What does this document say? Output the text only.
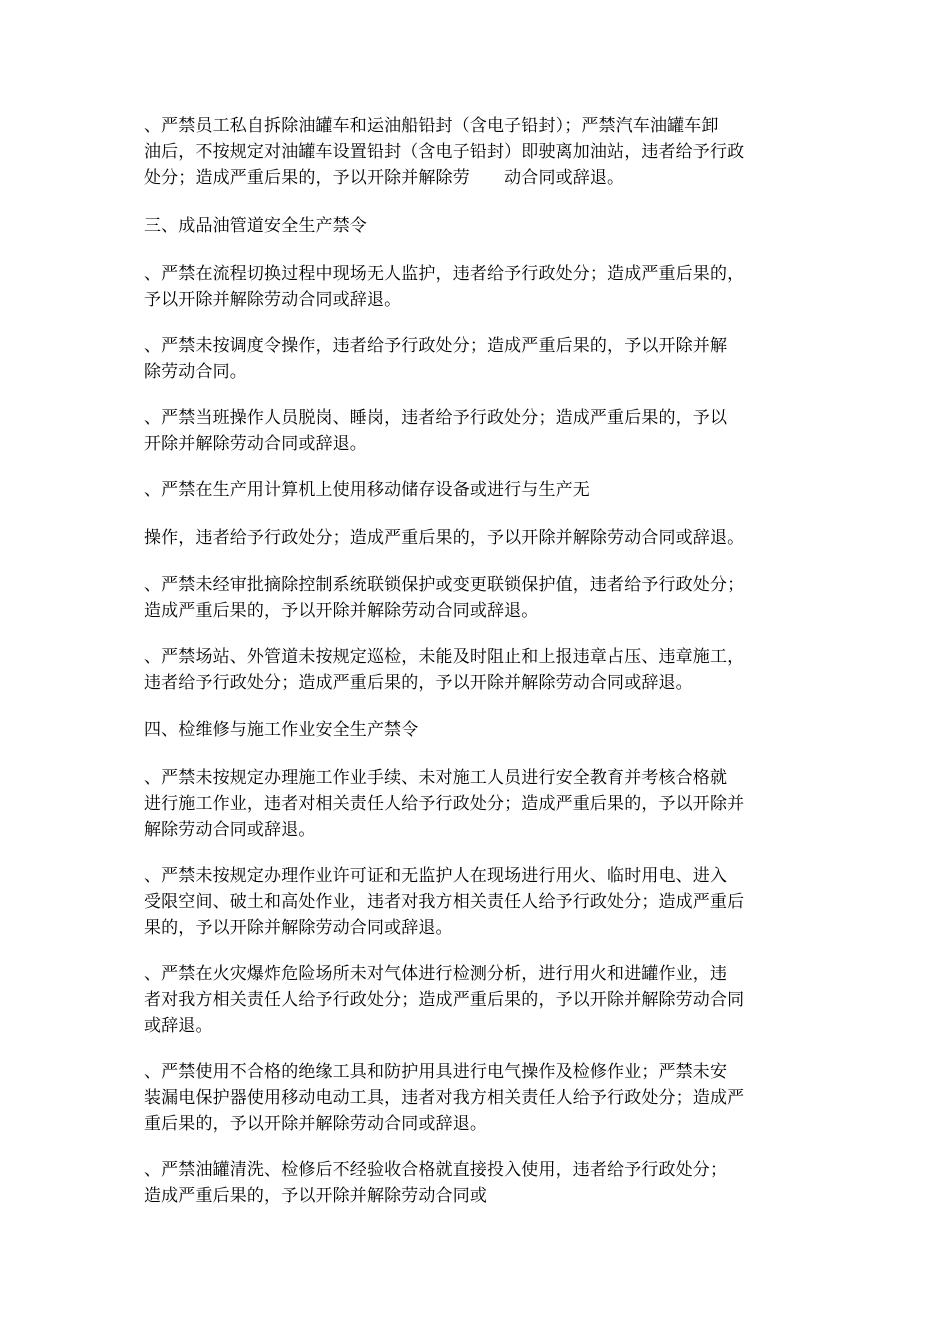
、严禁员工私自拆除油罐车和运油船铅封（含电子铅封）；严禁汽车油罐车卸
油后，不按规定对油罐车设置铅封（含电子铅封）即驶离加油站，违者给予行政
处分；造成严重后果的，予以开除并解除劳　　动合同或辞退。
三、成品油管道安全生产禁令
、严禁在流程切换过程中现场无人监护，违者给予行政处分；造成严重后果的，
予以开除并解除劳动合同或辞退。
、严禁未按调度令操作，违者给予行政处分；造成严重后果的，予以开除并解
除劳动合同。
、严禁当班操作人员脱岗、睡岗，违者给予行政处分；造成严重后果的，予以
开除并解除劳动合同或辞退。
、严禁在生产用计算机上使用移动储存设备或进行与生产无
操作，违者给予行政处分；造成严重后果的，予以开除并解除劳动合同或辞退。
、严禁未经审批摘除控制系统联锁保护或变更联锁保护值，违者给予行政处分；
造成严重后果的，予以开除并解除劳动合同或辞退。
、严禁场站、外管道未按规定巡检，未能及时阻止和上报违章占压、违章施工，
违者给予行政处分；造成严重后果的，予以开除并解除劳动合同或辞退。
四、检维修与施工作业安全生产禁令
、严禁未按规定办理施工作业手续、未对施工人员进行安全教育并考核合格就
进行施工作业，违者对相关责任人给予行政处分；造成严重后果的，予以开除并
解除劳动合同或辞退。
、严禁未按规定办理作业许可证和无监护人在现场进行用火、临时用电、进入
受限空间、破土和高处作业，违者对我方相关责任人给予行政处分；造成严重后
果的，予以开除并解除劳动合同或辞退。
、严禁在火灾爆炸危险场所未对气体进行检测分析，进行用火和进罐作业，违
者对我方相关责任人给予行政处分；造成严重后果的，予以开除并解除劳动合同
或辞退。
、严禁使用不合格的绝缘工具和防护用具进行电气操作及检修作业；严禁未安
装漏电保护器使用移动电动工具，违者对我方相关责任人给予行政处分；造成严
重后果的，予以开除并解除劳动合同或辞退。
、严禁油罐清洗、检修后不经验收合格就直接投入使用，违者给予行政处分；
造成严重后果的，予以开除并解除劳动合同或
